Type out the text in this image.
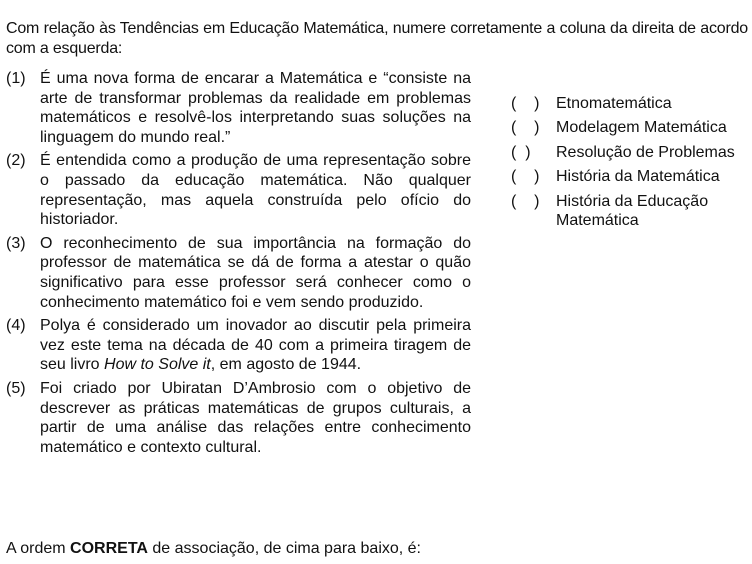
Com relação às Tendências em Educação Matemática, numere corretamente a coluna da direita de acordo com a esquerda:

(1) É uma nova forma de encarar a Matemática e “consiste na arte de transformar problemas da realidade em problemas matemáticos e resolvê-los interpretando suas soluções na linguagem do mundo real.”
(2) É entendida como a produção de uma representação sobre o passado da educação matemática. Não qualquer representação, mas aquela construída pelo ofício do historiador.
(3) O reconhecimento de sua importância na formação do professor de matemática se dá de forma a atestar o quão significativo para esse professor será conhecer como o conhecimento matemático foi e vem sendo produzido.
(4) Polya é considerado um inovador ao discutir pela primeira vez este tema na década de 40 com a primeira tiragem de seu livro How to Solve it, em agosto de 1944.
(5) Foi criado por Ubiratan D’Ambrosio com o objetivo de descrever as práticas matemáticas de grupos culturais, a partir de uma análise das relações entre conhecimento matemático e contexto cultural.
(    )	Etnomatemática
(    )	Modelagem Matemática
(  )	Resolução de Problemas
(    )	História da Matemática
(    )	História da Educação Matemática

A ordem CORRETA de associação, de cima para baixo, é:
